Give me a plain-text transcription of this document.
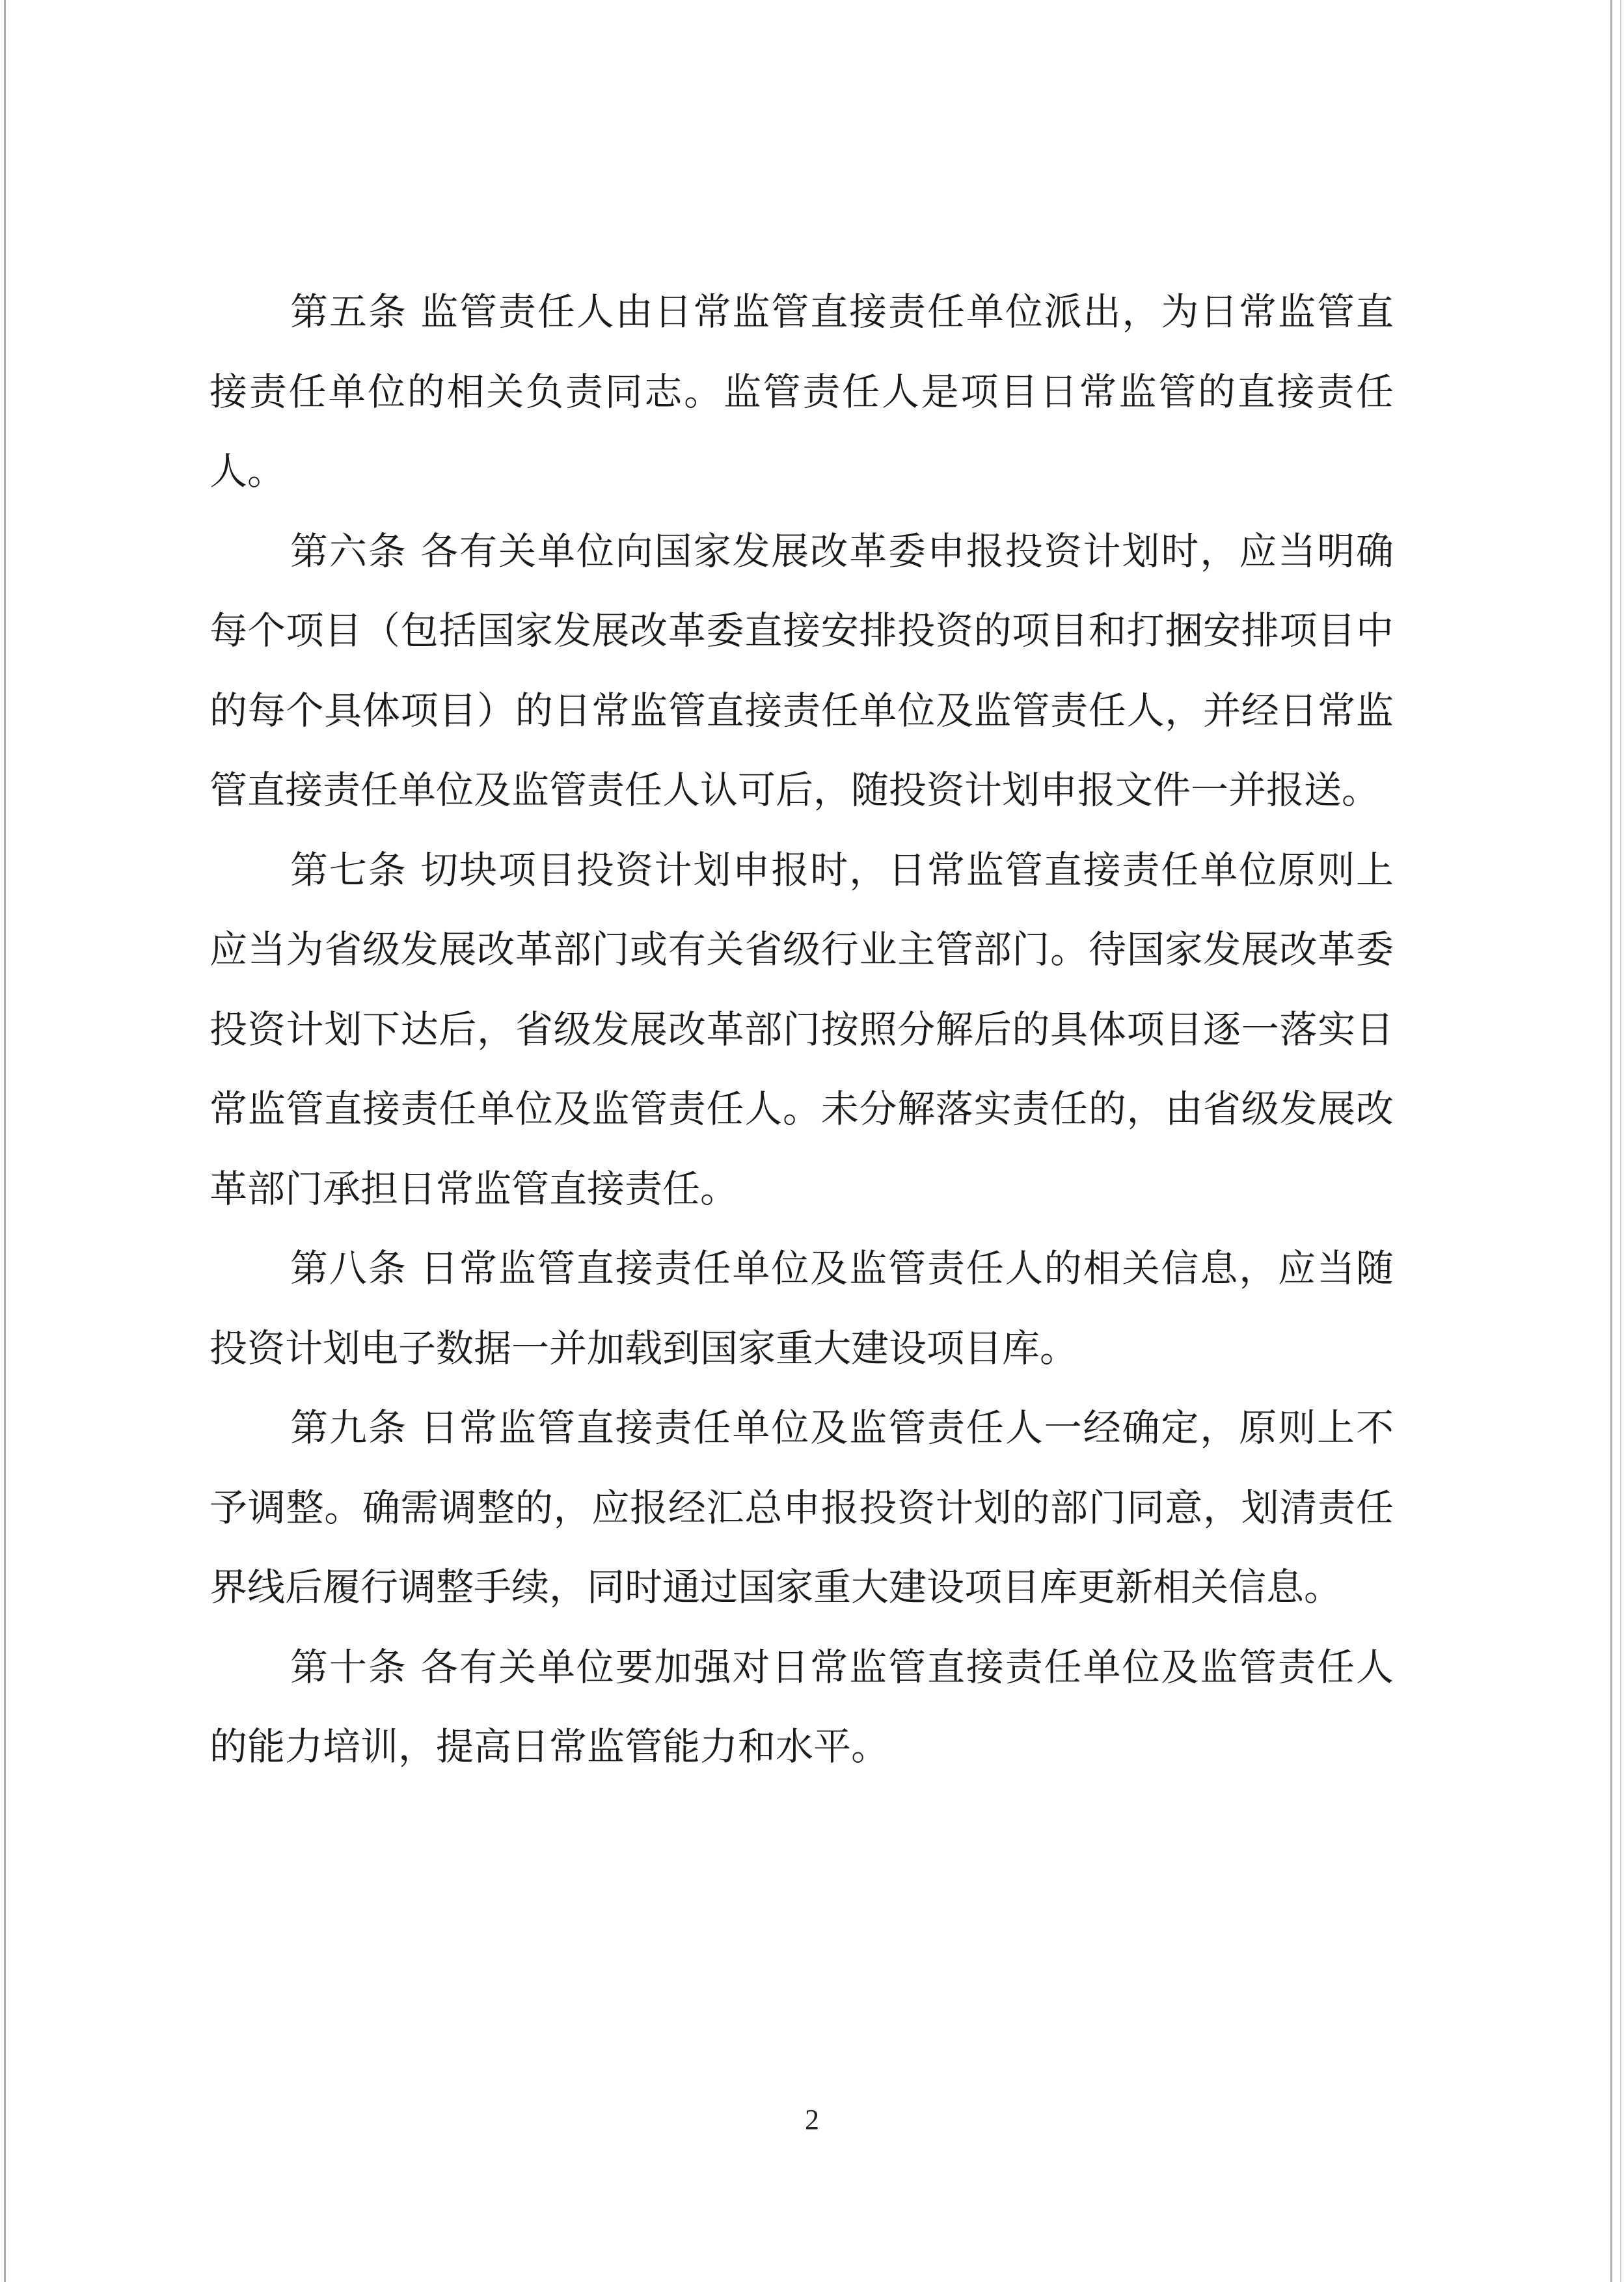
第五条 监管责任人由日常监管直接责任单位派出，为日常监管直接责任单位的相关负责同志。监管责任人是项目日常监管的直接责任人。

第六条 各有关单位向国家发展改革委申报投资计划时，应当明确每个项目（包括国家发展改革委直接安排投资的项目和打捆安排项目中的每个具体项目）的日常监管直接责任单位及监管责任人，并经日常监管直接责任单位及监管责任人认可后，随投资计划申报文件一并报送。

第七条 切块项目投资计划申报时，日常监管直接责任单位原则上应当为省级发展改革部门或有关省级行业主管部门。待国家发展改革委投资计划下达后，省级发展改革部门按照分解后的具体项目逐一落实日常监管直接责任单位及监管责任人。未分解落实责任的，由省级发展改革部门承担日常监管直接责任。

第八条 日常监管直接责任单位及监管责任人的相关信息，应当随投资计划电子数据一并加载到国家重大建设项目库。

第九条 日常监管直接责任单位及监管责任人一经确定，原则上不予调整。确需调整的，应报经汇总申报投资计划的部门同意，划清责任界线后履行调整手续，同时通过国家重大建设项目库更新相关信息。

第十条 各有关单位要加强对日常监管直接责任单位及监管责任人的能力培训，提高日常监管能力和水平。

2
